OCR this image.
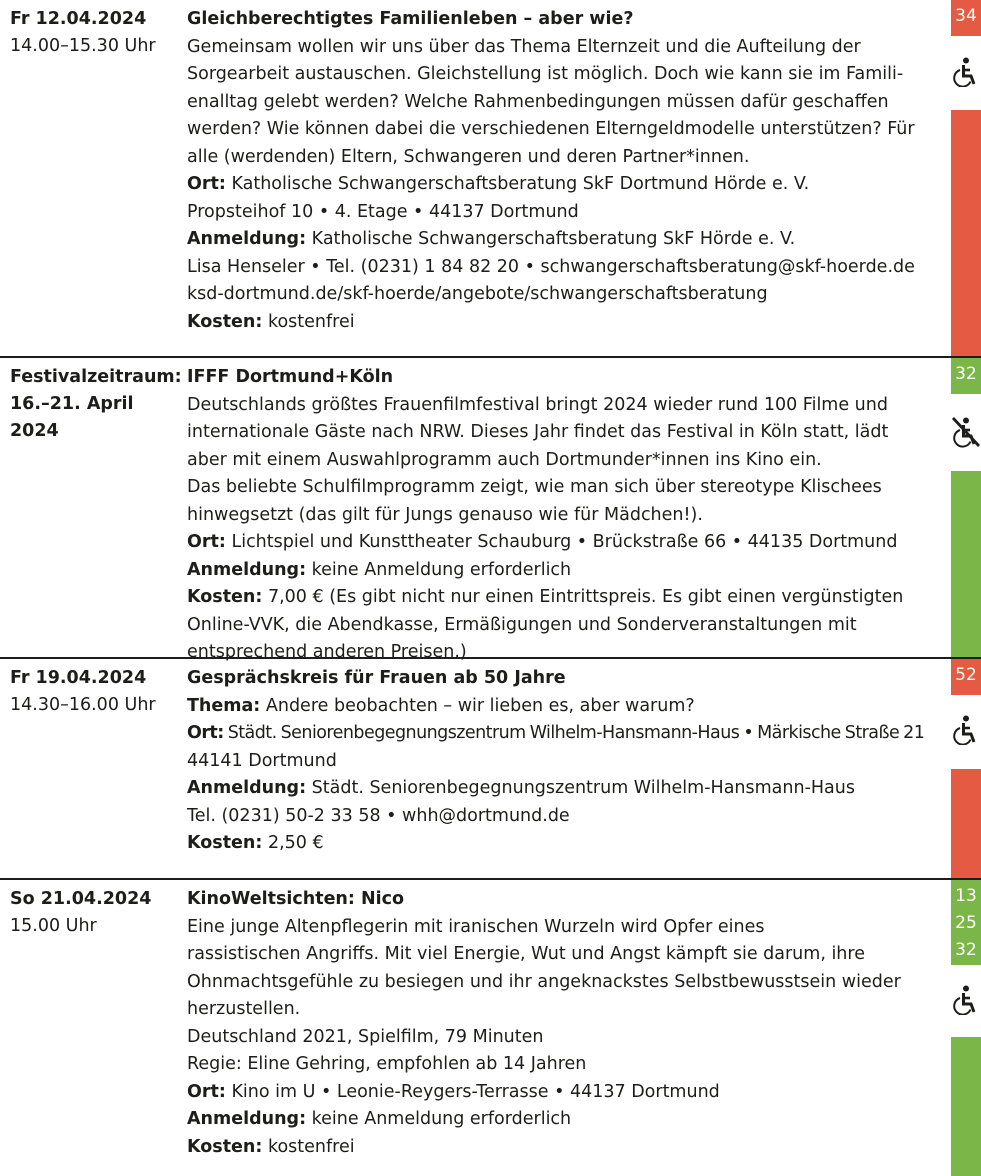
Fr 12.04.2024
14.00–15.30 Uhr
Gleichberechtigtes Familienleben – aber wie?
Gemeinsam wollen wir uns über das Thema Elternzeit und die Aufteilung der
Sorgearbeit austauschen. Gleichstellung ist möglich. Doch wie kann sie im Famili-
enalltag gelebt werden? Welche Rahmenbedingungen müssen dafür geschaffen
werden? Wie können dabei die verschiedenen Elterngeldmodelle unterstützen? Für
alle (werdenden) Eltern, Schwangeren und deren Partner*innen.
Ort: Katholische Schwangerschaftsberatung SkF Dortmund Hörde e. V.
Propsteihof 10 • 4. Etage • 44137 Dortmund
Anmeldung: Katholische Schwangerschaftsberatung SkF Hörde e. V.
Lisa Henseler • Tel. (0231) 1 84 82 20 • schwangerschaftsberatung@skf-hoerde.de
ksd-dortmund.de/skf-hoerde/angebote/schwangerschaftsberatung
Kosten: kostenfrei
34
Festivalzeitraum:
16.–21. April
2024
IFFF Dortmund+Köln
Deutschlands größtes Frauenfilmfestival bringt 2024 wieder rund 100 Filme und
internationale Gäste nach NRW. Dieses Jahr findet das Festival in Köln statt, lädt
aber mit einem Auswahlprogramm auch Dortmunder*innen ins Kino ein.
Das beliebte Schulfilmprogramm zeigt, wie man sich über stereotype Klischees
hinwegsetzt (das gilt für Jungs genauso wie für Mädchen!).
Ort: Lichtspiel und Kunsttheater Schauburg • Brückstraße 66 • 44135 Dortmund
Anmeldung: keine Anmeldung erforderlich
Kosten: 7,00 € (Es gibt nicht nur einen Eintrittspreis. Es gibt einen vergünstigten
Online-VVK, die Abendkasse, Ermäßigungen und Sonderveranstaltungen mit
entsprechend anderen Preisen.)
32
Fr 19.04.2024
14.30–16.00 Uhr
Gesprächskreis für Frauen ab 50 Jahre
Thema: Andere beobachten – wir lieben es, aber warum?
Ort: Städt. Seniorenbegegnungszentrum Wilhelm-Hansmann-Haus • Märkische Straße 21
44141 Dortmund
Anmeldung: Städt. Seniorenbegegnungszentrum Wilhelm-Hansmann-Haus
Tel. (0231) 50-2 33 58 • whh@dortmund.de
Kosten: 2,50 €
52
So 21.04.2024
15.00 Uhr
KinoWeltsichten: Nico
Eine junge Altenpflegerin mit iranischen Wurzeln wird Opfer eines
rassistischen Angriffs. Mit viel Energie, Wut und Angst kämpft sie darum, ihre
Ohnmachtsgefühle zu besiegen und ihr angeknackstes Selbstbewusstsein wieder
herzustellen.
Deutschland 2021, Spielfilm, 79 Minuten
Regie: Eline Gehring, empfohlen ab 14 Jahren
Ort: Kino im U • Leonie-Reygers-Terrasse • 44137 Dortmund
Anmeldung: keine Anmeldung erforderlich
Kosten: kostenfrei
13
25
32
